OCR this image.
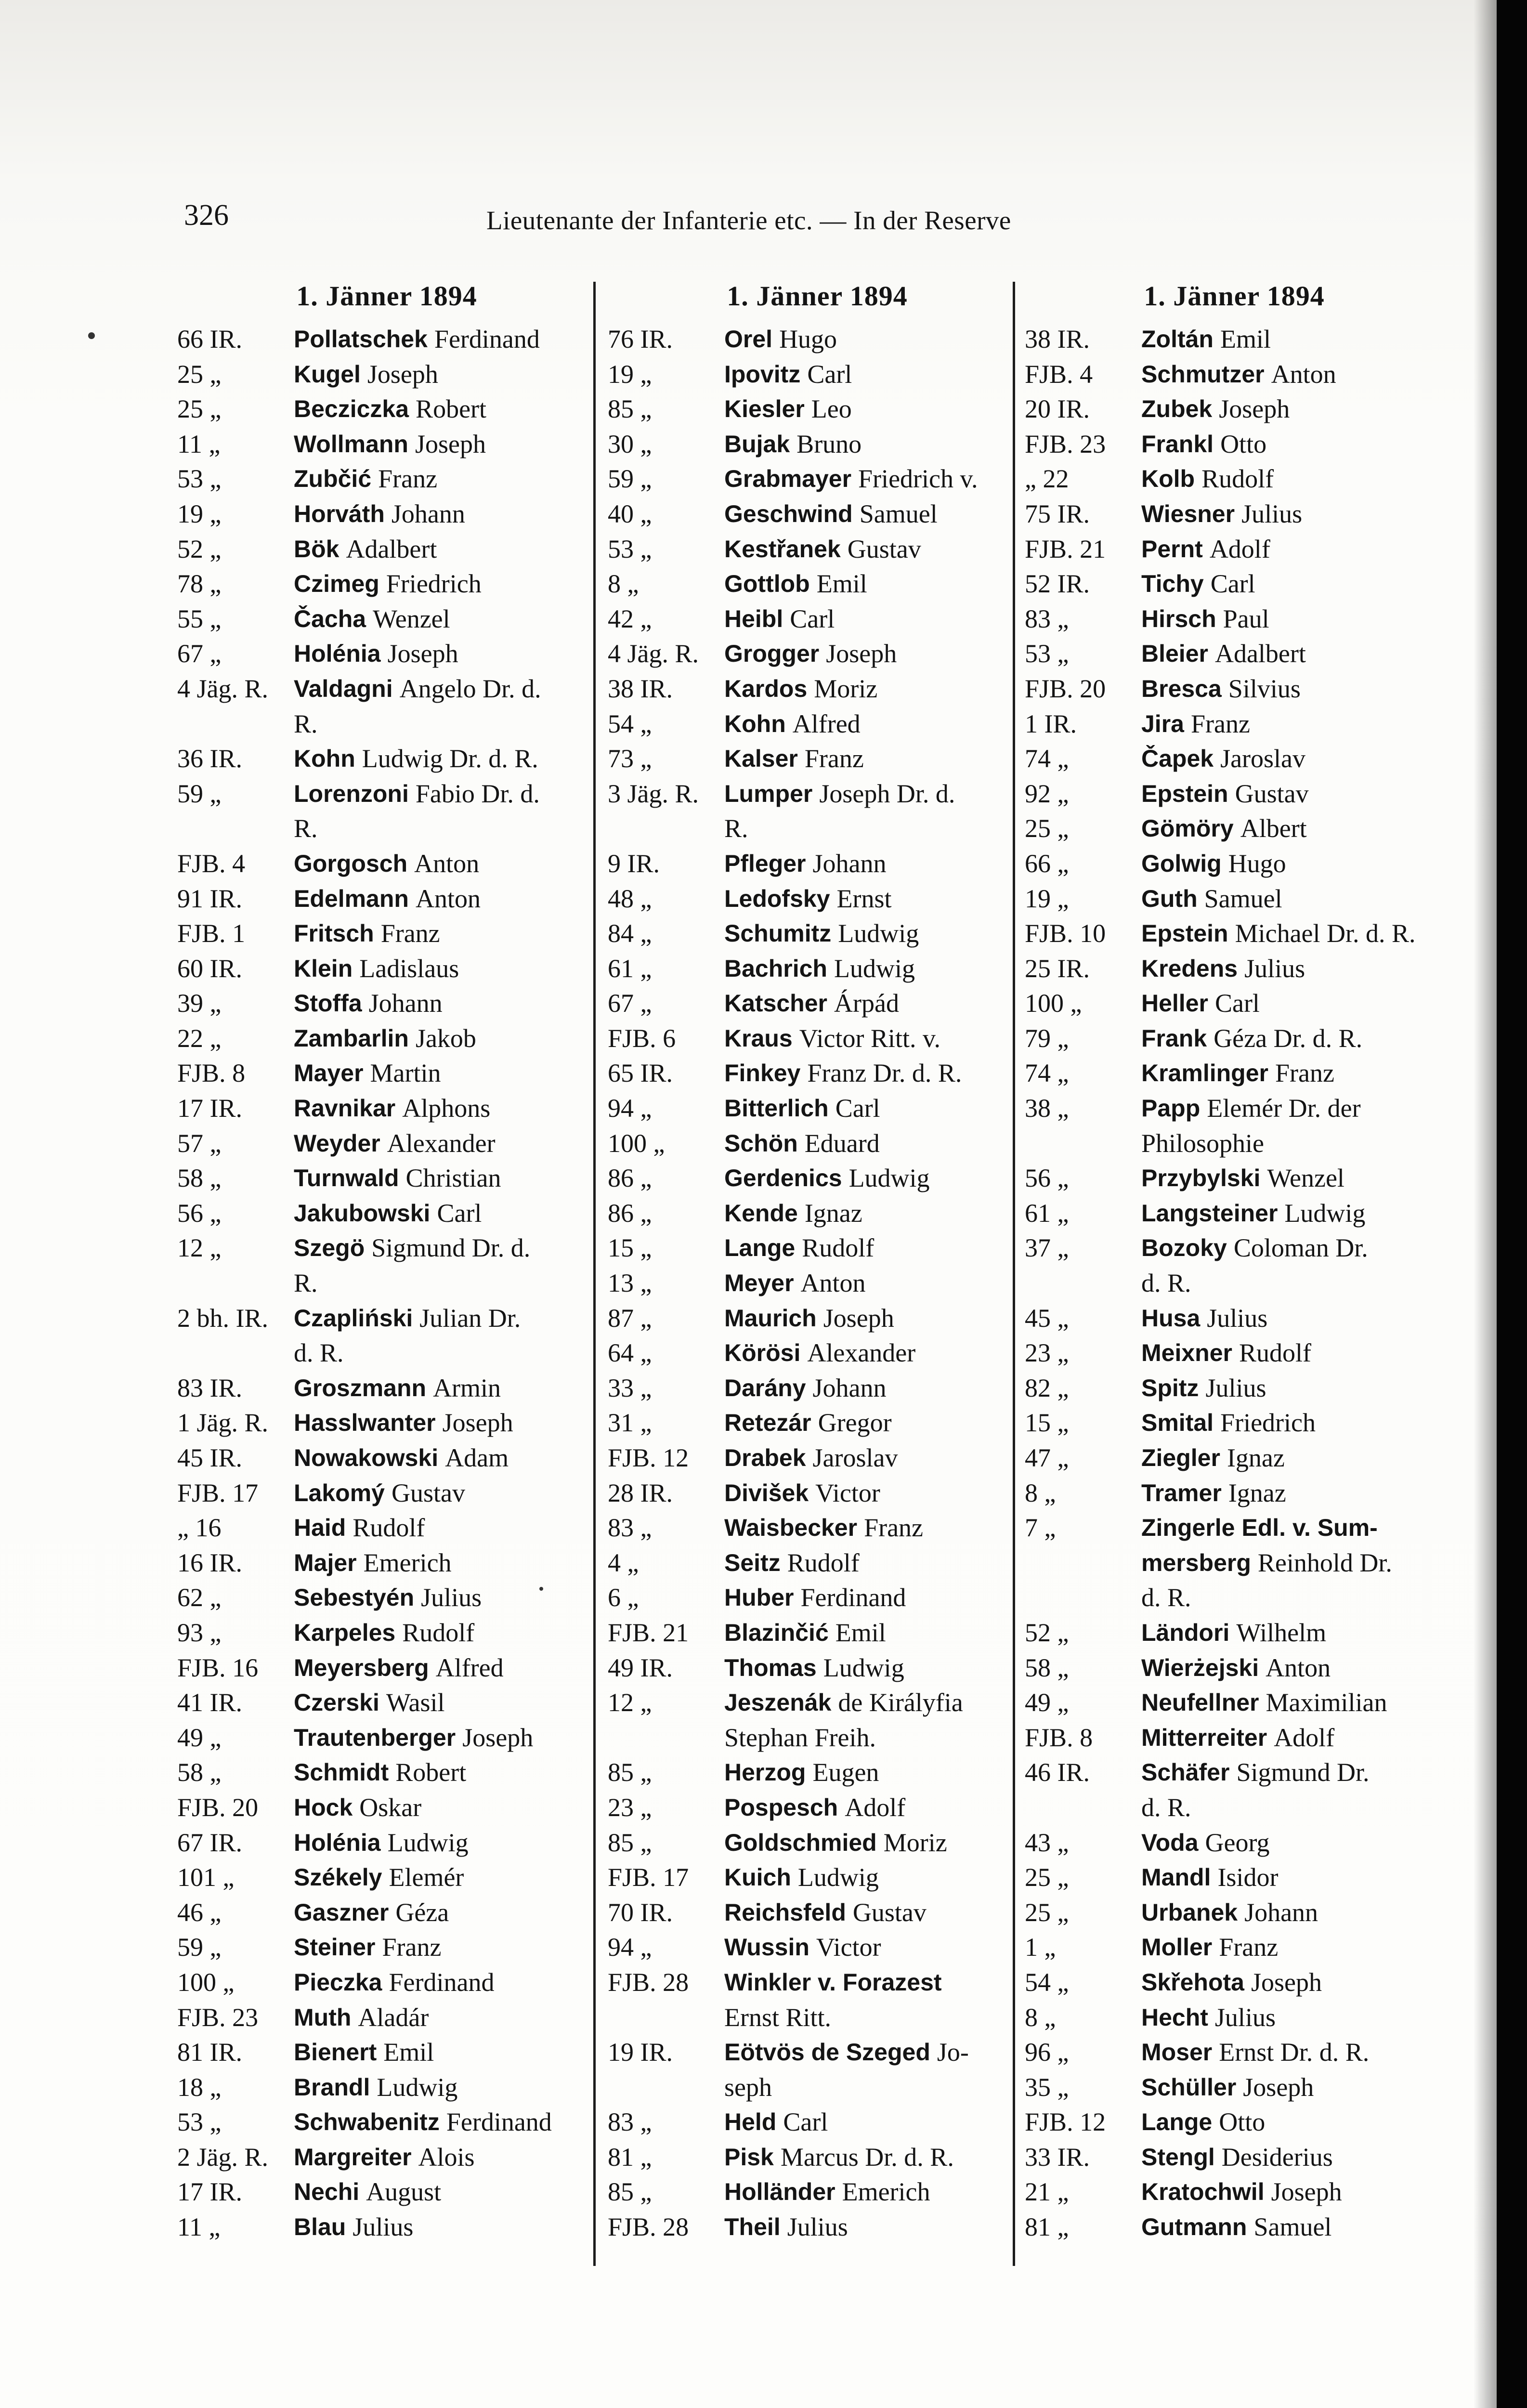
326	Lieutenante der Infanterie etc. — In der Reserve
1. Jänner 1894
66 IR.	Pollatschek Ferdinand
25 „	Kugel Joseph
25 „	Becziczka Robert
11 „	Wollmann Joseph
53 „	Zubčić Franz
19 „	Horváth Johann
52 „	Bök Adalbert
78 „	Czimeg Friedrich
55 „	Čacha Wenzel
67 „	Holénia Joseph
4 Jäg. R.	Valdagni Angelo Dr. d.
R.
36 IR.	Kohn Ludwig Dr. d. R.
59 „	Lorenzoni Fabio Dr. d.
R.
FJB. 4	Gorgosch Anton
91 IR.	Edelmann Anton
FJB. 1	Fritsch Franz
60 IR.	Klein Ladislaus
39 „	Stoffa Johann
22 „	Zambarlin Jakob
FJB. 8	Mayer Martin
17 IR.	Ravnikar Alphons
57 „	Weyder Alexander
58 „	Turnwald Christian
56 „	Jakubowski Carl
12 „	Szegö Sigmund Dr. d.
R.
2 bh. IR.	Czapliński Julian Dr.
d. R.
83 IR.	Groszmann Armin
1 Jäg. R.	Hasslwanter Joseph
45 IR.	Nowakowski Adam
FJB. 17	Lakomý Gustav
„ 16	Haid Rudolf
16 IR.	Majer Emerich
62 „	Sebestyén Julius
93 „	Karpeles Rudolf
FJB. 16	Meyersberg Alfred
41 IR.	Czerski Wasil
49 „	Trautenberger Joseph
58 „	Schmidt Robert
FJB. 20	Hock Oskar
67 IR.	Holénia Ludwig
101 „	Székely Elemér
46 „	Gaszner Géza
59 „	Steiner Franz
100 „	Pieczka Ferdinand
FJB. 23	Muth Aladár
81 IR.	Bienert Emil
18 „	Brandl Ludwig
53 „	Schwabenitz Ferdinand
2 Jäg. R.	Margreiter Alois
17 IR.	Nechi August
11 „	Blau Julius
1. Jänner 1894
76 IR.	Orel Hugo
19 „	Ipovitz Carl
85 „	Kiesler Leo
30 „	Bujak Bruno
59 „	Grabmayer Friedrich v.
40 „	Geschwind Samuel
53 „	Kestřanek Gustav
8 „	Gottlob Emil
42 „	Heibl Carl
4 Jäg. R.	Grogger Joseph
38 IR.	Kardos Moriz
54 „	Kohn Alfred
73 „	Kalser Franz
3 Jäg. R.	Lumper Joseph Dr. d.
R.
9 IR.	Pfleger Johann
48 „	Ledofsky Ernst
84 „	Schumitz Ludwig
61 „	Bachrich Ludwig
67 „	Katscher Árpád
FJB. 6	Kraus Victor Ritt. v.
65 IR.	Finkey Franz Dr. d. R.
94 „	Bitterlich Carl
100 „	Schön Eduard
86 „	Gerdenics Ludwig
86 „	Kende Ignaz
15 „	Lange Rudolf
13 „	Meyer Anton
87 „	Maurich Joseph
64 „	Körösi Alexander
33 „	Darány Johann
31 „	Retezár Gregor
FJB. 12	Drabek Jaroslav
28 IR.	Divišek Victor
83 „	Waisbecker Franz
4 „	Seitz Rudolf
6 „	Huber Ferdinand
FJB. 21	Blazinčić Emil
49 IR.	Thomas Ludwig
12 „	Jeszenák de Királyfia
Stephan Freih.
85 „	Herzog Eugen
23 „	Pospesch Adolf
85 „	Goldschmied Moriz
FJB. 17	Kuich Ludwig
70 IR.	Reichsfeld Gustav
94 „	Wussin Victor
FJB. 28	Winkler v. Forazest
Ernst Ritt.
19 IR.	Eötvös de Szeged Jo-
seph
83 „	Held Carl
81 „	Pisk Marcus Dr. d. R.
85 „	Holländer Emerich
FJB. 28	Theil Julius
1. Jänner 1894
38 IR.	Zoltán Emil
FJB. 4	Schmutzer Anton
20 IR.	Zubek Joseph
FJB. 23	Frankl Otto
„ 22	Kolb Rudolf
75 IR.	Wiesner Julius
FJB. 21	Pernt Adolf
52 IR.	Tichy Carl
83 „	Hirsch Paul
53 „	Bleier Adalbert
FJB. 20	Bresca Silvius
1 IR.	Jira Franz
74 „	Čapek Jaroslav
92 „	Epstein Gustav
25 „	Gömöry Albert
66 „	Golwig Hugo
19 „	Guth Samuel
FJB. 10	Epstein Michael Dr. d. R.
25 IR.	Kredens Julius
100 „	Heller Carl
79 „	Frank Géza Dr. d. R.
74 „	Kramlinger Franz
38 „	Papp Elemér Dr. der
Philosophie
56 „	Przybylski Wenzel
61 „	Langsteiner Ludwig
37 „	Bozoky Coloman Dr.
d. R.
45 „	Husa Julius
23 „	Meixner Rudolf
82 „	Spitz Julius
15 „	Smital Friedrich
47 „	Ziegler Ignaz
8 „	Tramer Ignaz
7 „	Zingerle Edl. v. Sum-
mersberg Reinhold Dr.
d. R.
52 „	Ländori Wilhelm
58 „	Wierżejski Anton
49 „	Neufellner Maximilian
FJB. 8	Mitterreiter Adolf
46 IR.	Schäfer Sigmund Dr.
d. R.
43 „	Voda Georg
25 „	Mandl Isidor
25 „	Urbanek Johann
1 „	Moller Franz
54 „	Skřehota Joseph
8 „	Hecht Julius
96 „	Moser Ernst Dr. d. R.
35 „	Schüller Joseph
FJB. 12	Lange Otto
33 IR.	Stengl Desiderius
21 „	Kratochwil Joseph
81 „	Gutmann Samuel
